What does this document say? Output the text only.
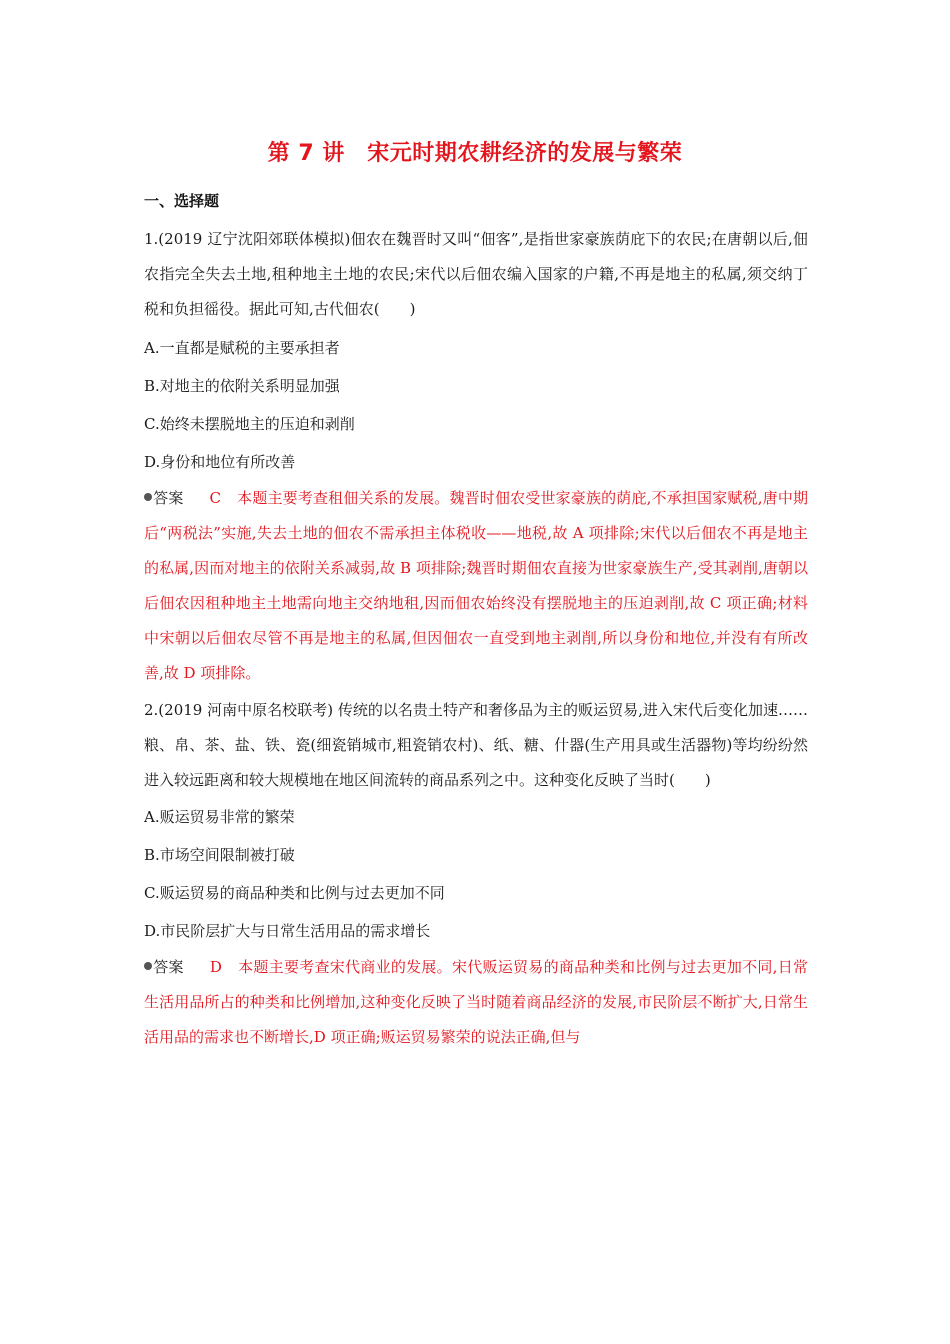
第 7 讲　宋元时期农耕经济的发展与繁荣
一、选择题

1.(2019 辽宁沈阳郊联体模拟)佃农在魏晋时又叫“佃客”,是指世家豪族荫庇下的农民;在唐朝以后,佃农指完全失去土地,租种地主土地的农民;宋代以后佃农编入国家的户籍,不再是地主的私属,须交纳丁税和负担徭役。据此可知,古代佃农(　　)

A.一直都是赋税的主要承担者

B.对地主的依附关系明显加强

C.始终未摆脱地主的压迫和剥削

D.身份和地位有所改善

答案 C 本题主要考查租佃关系的发展。魏晋时佃农受世家豪族的荫庇,不承担国家赋税,唐中期后“两税法”实施,失去土地的佃农不需承担主体税收——地税,故 A 项排除;宋代以后佃农不再是地主的私属,因而对地主的依附关系减弱,故 B 项排除;魏晋时期佃农直接为世家豪族生产,受其剥削,唐朝以后佃农因租种地主土地需向地主交纳地租,因而佃农始终没有摆脱地主的压迫剥削,故 C 项正确;材料中宋朝以后佃农尽管不再是地主的私属,但因佃农一直受到地主剥削,所以身份和地位,并没有有所改善,故 D 项排除。

2.(2019 河南中原名校联考) 传统的以名贵土特产和奢侈品为主的贩运贸易,进入宋代后变化加速……粮、帛、茶、盐、铁、瓷(细瓷销城市,粗瓷销农村)、纸、糖、什器(生产用具或生活器物)等均纷纷然进入较远距离和较大规模地在地区间流转的商品系列之中。这种变化反映了当时(　　)

A.贩运贸易非常的繁荣

B.市场空间限制被打破

C.贩运贸易的商品种类和比例与过去更加不同

D.市民阶层扩大与日常生活用品的需求增长

答案 D 本题主要考查宋代商业的发展。宋代贩运贸易的商品种类和比例与过去更加不同,日常生活用品所占的种类和比例增加,这种变化反映了当时随着商品经济的发展,市民阶层不断扩大,日常生活用品的需求也不断增长,D 项正确;贩运贸易繁荣的说法正确,但与
